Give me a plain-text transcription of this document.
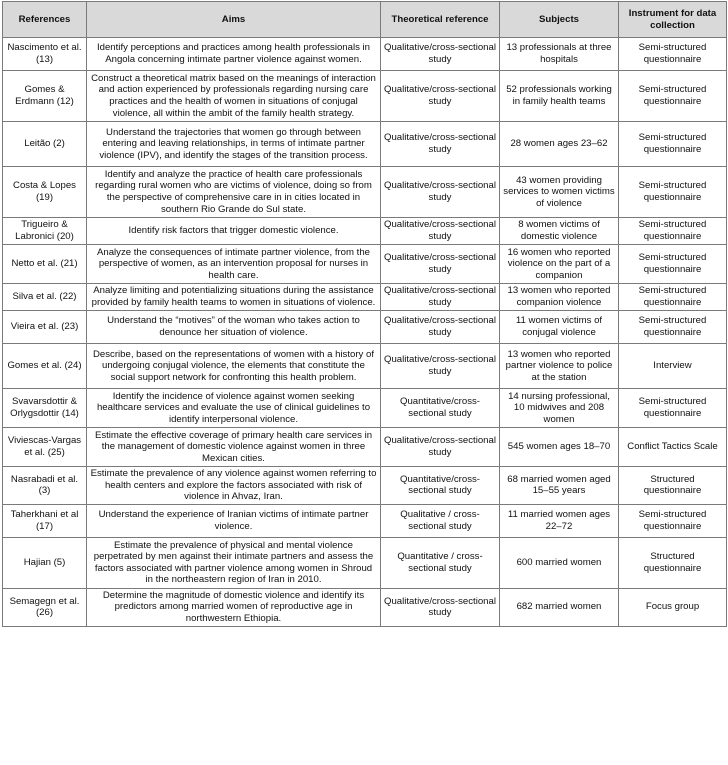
References	Aims	Theoretical reference	Subjects	Instrument for data collection
Nascimento et al. (13)	Identify perceptions and practices among health professionals in Angola concerning intimate partner violence against women.	Qualitative/cross-sectional study	13 professionals at three hospitals	Semi-structured questionnaire
Gomes & Erdmann (12)	Construct a theoretical matrix based on the meanings of interaction and action experienced by professionals regarding nursing care practices and the health of women in situations of conjugal violence, all within the ambit of the family health strategy.	Qualitative/cross-sectional study	52 professionals working in family health teams	Semi-structured questionnaire
Leitão (2)	Understand the trajectories that women go through between entering and leaving relationships, in terms of intimate partner violence (IPV), and identify the stages of the transition process.	Qualitative/cross-sectional study	28 women ages 23–62	Semi-structured questionnaire
Costa & Lopes (19)	Identify and analyze the practice of health care professionals regarding rural women who are victims of violence, doing so from the perspective of comprehensive care in in cities located in southern Rio Grande do Sul state.	Qualitative/cross-sectional study	43 women providing services to women victims of violence	Semi-structured questionnaire
Trigueiro & Labronici (20)	Identify risk factors that trigger domestic violence.	Qualitative/cross-sectional study	8 women victims of domestic violence	Semi-structured questionnaire
Netto et al. (21)	Analyze the consequences of intimate partner violence, from the perspective of women, as an intervention proposal for nurses in health care.	Qualitative/cross-sectional study	16 women who reported violence on the part of a companion	Semi-structured questionnaire
Silva et al. (22)	Analyze limiting and potentializing situations during the assistance provided by family health teams to women in situations of violence.	Qualitative/cross-sectional study	13 women who reported companion violence	Semi-structured questionnaire
Vieira et al. (23)	Understand the “motives” of the woman who takes action to denounce her situation of violence.	Qualitative/cross-sectional study	11 women victims of conjugal violence	Semi-structured questionnaire
Gomes et al. (24)	Describe, based on the representations of women with a history of undergoing conjugal violence, the elements that constitute the social support network for confronting this health problem.	Qualitative/cross-sectional study	13 women who reported partner violence to police at the station	Interview
Svavarsdottir & Orlygsdottir (14)	Identify the incidence of violence against women seeking healthcare services and evaluate the use of clinical guidelines to identify interpersonal violence.	Quantitative/cross-sectional study	14 nursing professional, 10 midwives and 208 women	Semi-structured questionnaire
Viviescas-Vargas et al. (25)	Estimate the effective coverage of primary health care services in the management of domestic violence against women in three Mexican cities.	Qualitative/cross-sectional study	545 women ages 18–70	Conflict Tactics Scale
Nasrabadi et al. (3)	Estimate the prevalence of any violence against women referring to health centers and explore the factors associated with risk of violence in Ahvaz, Iran.	Quantitative/cross-sectional study	68 married women aged 15–55 years	Structured questionnaire
Taherkhani et al (17)	Understand the experience of Iranian victims of intimate partner violence.	Qualitative / cross-sectional study	11 married women ages 22–72	Semi-structured questionnaire
Hajian (5)	Estimate the prevalence of physical and mental violence perpetrated by men against their intimate partners and assess the factors associated with partner violence among women in Shroud in the northeastern region of Iran in 2010.	Quantitative / cross-sectional study	600 married women	Structured questionnaire
Semagegn et al. (26)	Determine the magnitude of domestic violence and identify its predictors among married women of reproductive age in northwestern Ethiopia.	Qualitative/cross-sectional study	682 married women	Focus group
